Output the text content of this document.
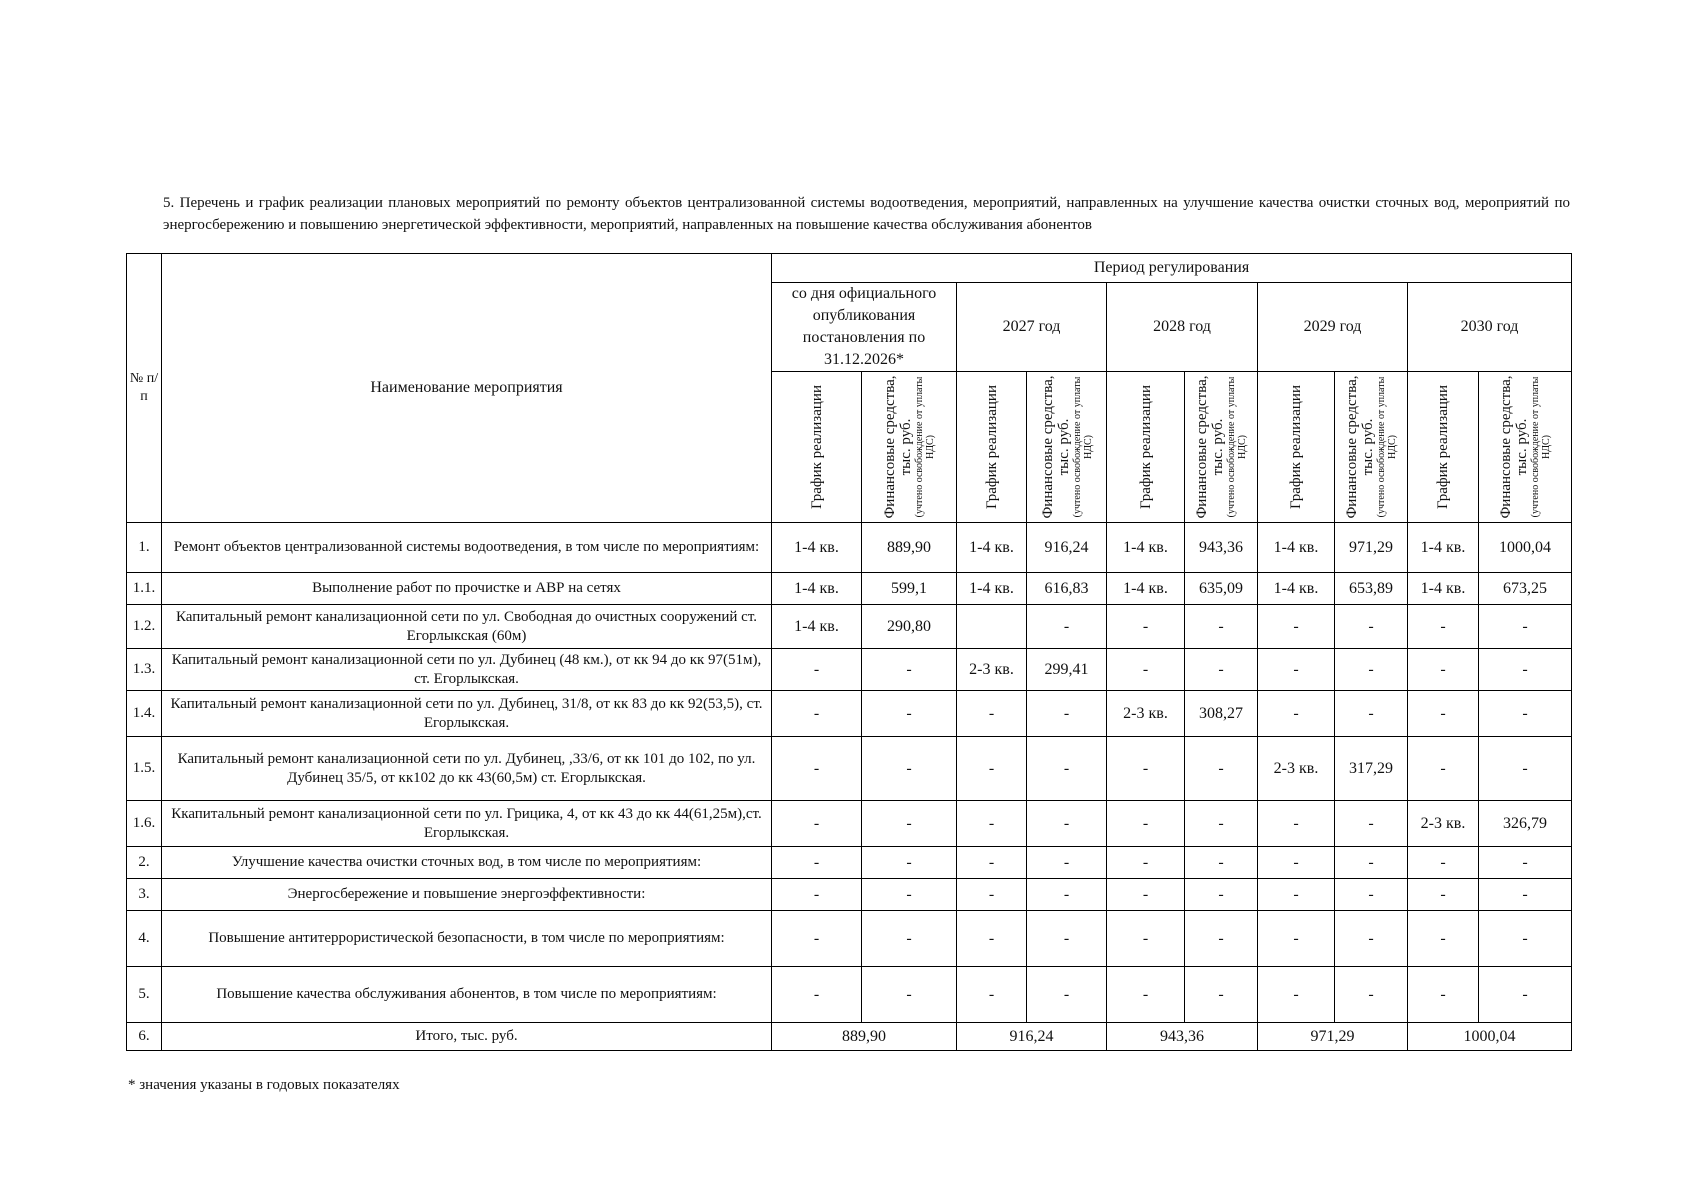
5. Перечень и график реализации плановых мероприятий по ремонту объектов централизованной системы водоотведения, мероприятий, направленных на улучшение качества очистки сточных вод, мероприятий по энергосбережению и повышению энергетической эффективности, мероприятий, направленных на повышение качества обслуживания абонентов
№ п/п	Наименование мероприятия	Период регулирования									
		со дня официального опубликования постановления по 31.12.2026*		2027 год		2028 год		2029 год		2030 год	

		График реализации	Финансовые средства, тыс. руб. (учтено освобождение от уплаты НДС)	График реализации	Финансовые средства, тыс. руб. (учтено освобождение от уплаты НДС)	График реализации	Финансовые средства, тыс. руб. (учтено освобождение от уплаты НДС)	График реализации	Финансовые средства, тыс. руб. (учтено освобождение от уплаты НДС)	График реализации	Финансовые средства, тыс. руб. (учтено освобождение от уплаты НДС)

1.	Ремонт объектов централизованной системы водоотведения, в том числе по мероприятиям:	1-4 кв.	889,90	1-4 кв.	916,24	1-4 кв.	943,36	1-4 кв.	971,29	1-4 кв.	1000,04
1.1.	Выполнение работ по прочистке и АВР на сетях	1-4 кв.	599,1	1-4 кв.	616,83	1-4 кв.	635,09	1-4 кв.	653,89	1-4 кв.	673,25
1.2.	Капитальный ремонт канализационной сети по ул. Свободная до очистных сооружений ст. Егорлыкская (60м)	1-4 кв.	290,80		-	-	-	-	-	-	-
1.3.	Капитальный ремонт канализационной сети по ул. Дубинец (48 км.), от кк 94 до кк 97(51м), ст. Егорлыкская.	-	-	2-3 кв.	299,41	-	-	-	-	-	-
1.4.	Капитальный ремонт канализационной сети по ул. Дубинец, 31/8, от кк 83 до кк 92(53,5), ст. Егорлыкская.	-	-	-	-	2-3 кв.	308,27	-	-	-	-
1.5.	Капитальный ремонт канализационной сети по ул. Дубинец, ,33/6, от кк 101 до 102, по ул. Дубинец 35/5, от кк102 до кк 43(60,5м) ст. Егорлыкская.	-	-	-	-	-	-	2-3 кв.	317,29	-	-
1.6.	Ккапитальный ремонт канализационной сети по ул. Грицика, 4, от кк 43 до кк 44(61,25м),ст. Егорлыкская.	-	-	-	-	-	-	-	-	2-3 кв.	326,79
2.	Улучшение качества очистки сточных вод, в том числе по мероприятиям:	-	-	-	-	-	-	-	-	-	-
3.	Энергосбережение и повышение энергоэффективности:	-	-	-	-	-	-	-	-	-	-
4.	Повышение антитеррористической безопасности, в том числе по мероприятиям:	-	-	-	-	-	-	-	-	-	-
5.	Повышение качества обслуживания абонентов, в том числе по мероприятиям:	-	-	-	-	-	-	-	-	-	-
6.	Итого, тыс. руб.	889,90		916,24		943,36		971,29		1000,04	
* значения указаны в годовых показателях
